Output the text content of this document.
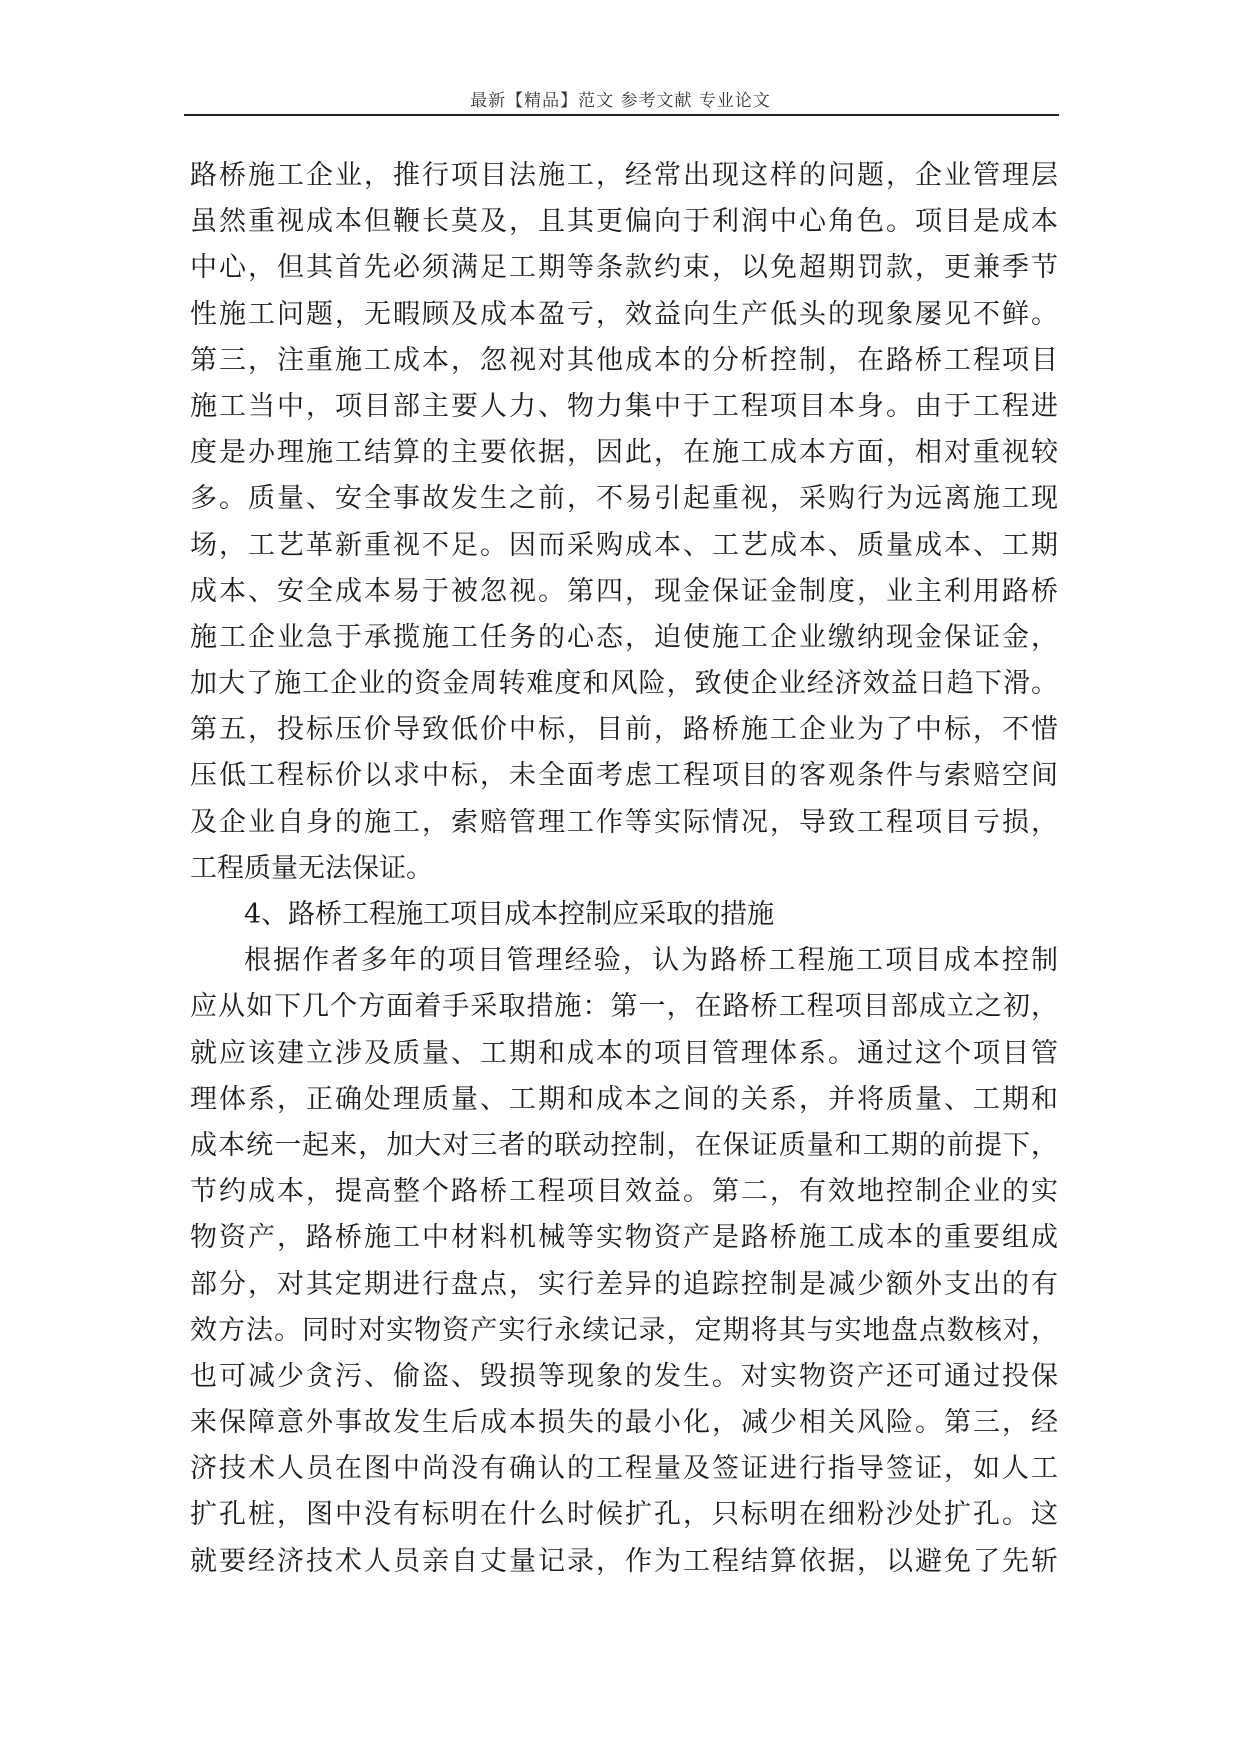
最新【精品】范文 参考文献 专业论文
路桥施工企业，推行项目法施工，经常出现这样的问题，企业管理层
虽然重视成本但鞭长莫及，且其更偏向于利润中心角色。项目是成本
中心，但其首先必须满足工期等条款约束，以免超期罚款，更兼季节
性施工问题，无暇顾及成本盈亏，效益向生产低头的现象屡见不鲜。
第三，注重施工成本，忽视对其他成本的分析控制，在路桥工程项目
施工当中，项目部主要人力、物力集中于工程项目本身。由于工程进
度是办理施工结算的主要依据，因此，在施工成本方面，相对重视较
多。质量、安全事故发生之前，不易引起重视，采购行为远离施工现
场，工艺革新重视不足。因而采购成本、工艺成本、质量成本、工期
成本、安全成本易于被忽视。第四，现金保证金制度，业主利用路桥
施工企业急于承揽施工任务的心态，迫使施工企业缴纳现金保证金，
加大了施工企业的资金周转难度和风险，致使企业经济效益日趋下滑。
第五，投标压价导致低价中标，目前，路桥施工企业为了中标，不惜
压低工程标价以求中标，未全面考虑工程项目的客观条件与索赔空间
及企业自身的施工，索赔管理工作等实际情况，导致工程项目亏损，
工程质量无法保证。
4、路桥工程施工项目成本控制应采取的措施
根据作者多年的项目管理经验，认为路桥工程施工项目成本控制
应从如下几个方面着手采取措施：第一，在路桥工程项目部成立之初，
就应该建立涉及质量、工期和成本的项目管理体系。通过这个项目管
理体系，正确处理质量、工期和成本之间的关系，并将质量、工期和
成本统一起来，加大对三者的联动控制，在保证质量和工期的前提下，
节约成本，提高整个路桥工程项目效益。第二，有效地控制企业的实
物资产，路桥施工中材料机械等实物资产是路桥施工成本的重要组成
部分，对其定期进行盘点，实行差异的追踪控制是减少额外支出的有
效方法。同时对实物资产实行永续记录，定期将其与实地盘点数核对，
也可减少贪污、偷盗、毁损等现象的发生。对实物资产还可通过投保
来保障意外事故发生后成本损失的最小化，减少相关风险。第三，经
济技术人员在图中尚没有确认的工程量及签证进行指导签证，如人工
扩孔桩，图中没有标明在什么时候扩孔，只标明在细粉沙处扩孔。这
就要经济技术人员亲自丈量记录，作为工程结算依据，以避免了先斩
